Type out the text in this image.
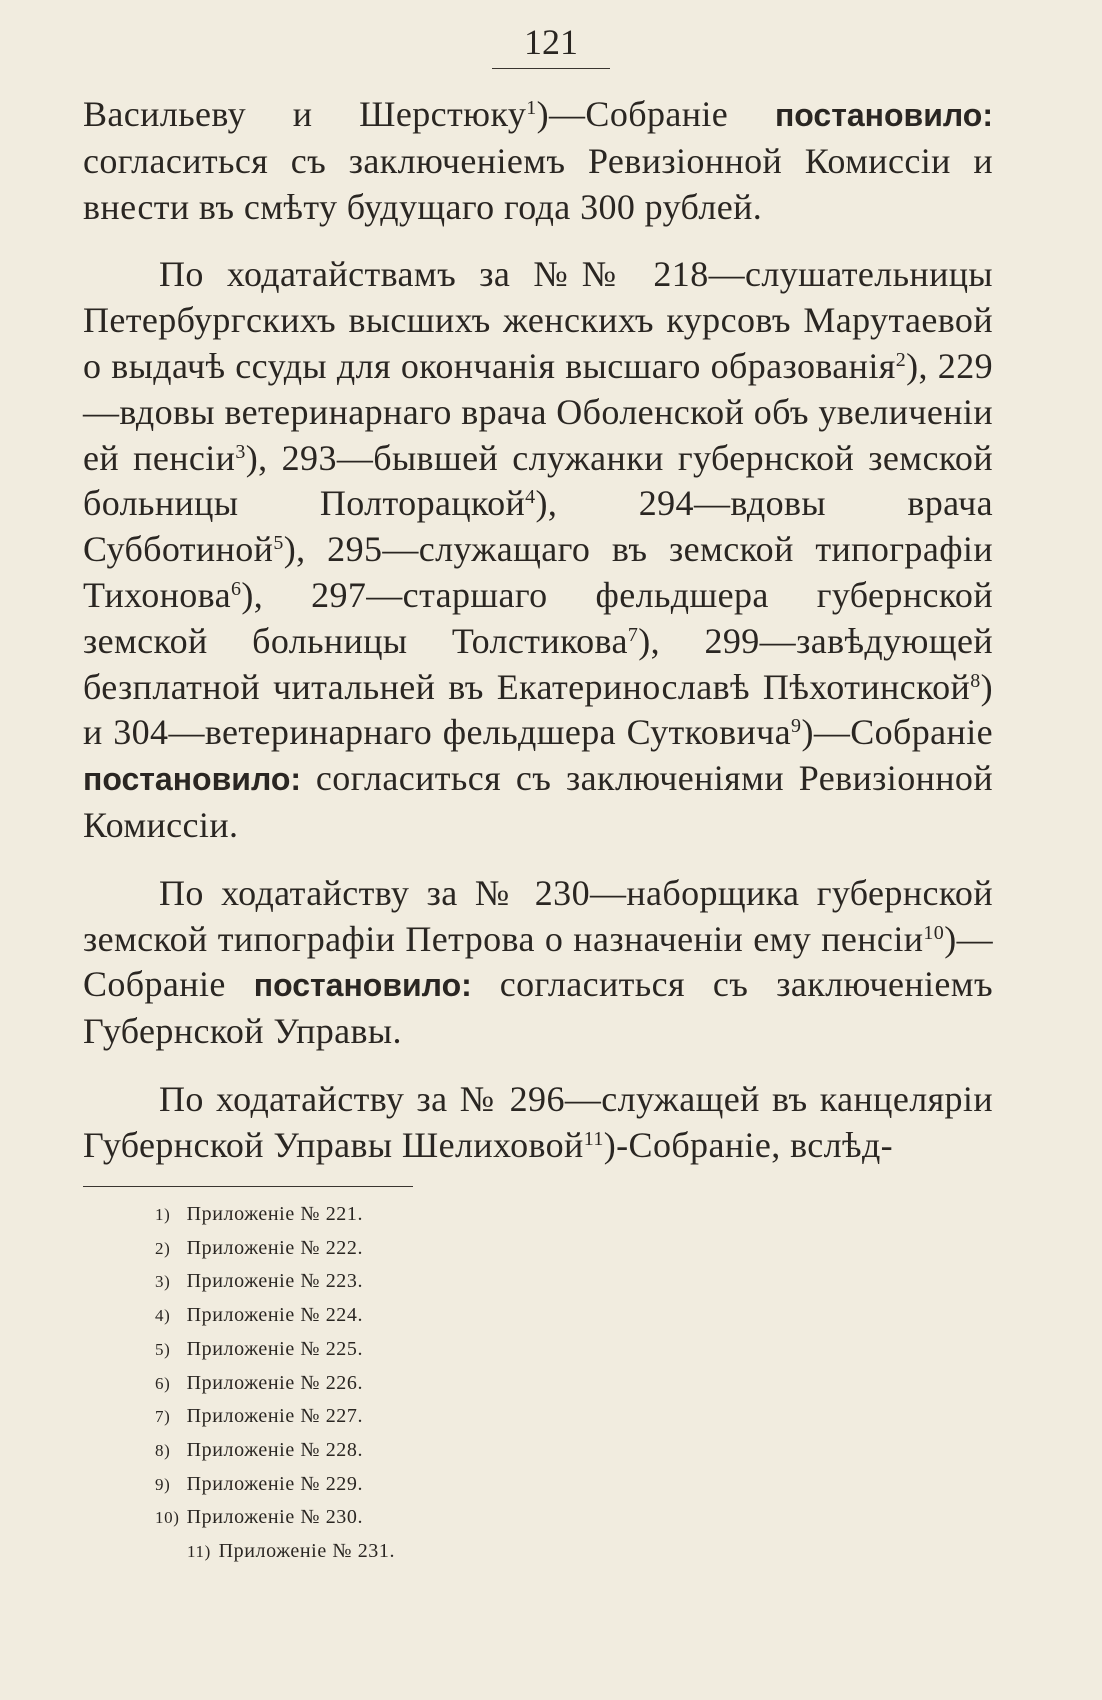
121

Васильеву и Шерстюку$^1$)—Собраніе постановило: согласиться съ заключеніемъ Ревизіонной Комиссіи и внести въ смѣту будущаго года 300 рублей.

По ходатайствамъ за №№ 218—слушательницы Петербургскихъ высшихъ женскихъ курсовъ Марутаевой о выдачѣ ссуды для окончанія высшаго образованія$^2$), 229—вдовы ветеринарнаго врача Оболенской объ увеличеніи ей пенсіи$^3$), 293—бывшей служанки губернской земской больницы Полторацкой$^4$), 294—вдовы врача Субботиной$^5$), 295—служащаго въ земской типографіи Тихонова$^6$), 297—старшаго фельдшера губернской земской больницы Толстикова$^7$), 299—завѣдующей безплатной читальней въ Екатеринославѣ Пѣхотинской$^8$) и 304—ветеринарнаго фельдшера Сутковича$^9$)—Собраніе постановило: согласиться съ заключеніями Ревизіонной Комиссіи.

По ходатайству за № 230—наборщика губернской земской типографіи Петрова о назначеніи ему пенсіи$^{10}$)—Собраніе постановило: согласиться съ заключеніемъ Губернской Управы.

По ходатайству за № 296—служащей въ канцеляріи Губернской Управы Шелиховой$^{11}$)-Собраніе, вслѣд-

1) Приложеніе № 221.
2) Приложеніе № 222.
3) Приложеніе № 223.
4) Приложеніе № 224.
5) Приложеніе № 225.
6) Приложеніе № 226.
7) Приложеніе № 227.
8) Приложеніе № 228.
9) Приложеніе № 229.
10) Приложеніе № 230.
11) Приложеніе № 231.
